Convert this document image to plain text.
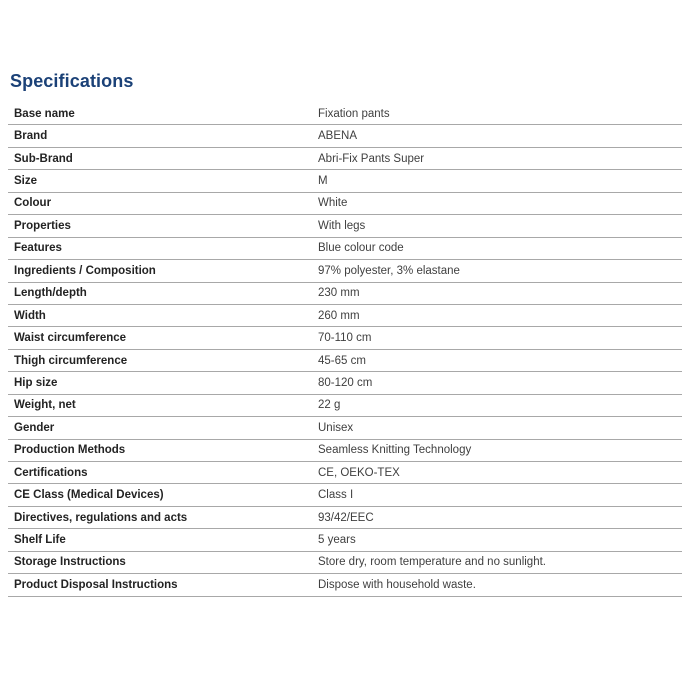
Specifications
Base name	Fixation pants
Brand	ABENA
Sub-Brand	Abri-Fix Pants Super
Size	M
Colour	White
Properties	With legs
Features	Blue colour code
Ingredients / Composition	97% polyester, 3% elastane
Length/depth	230 mm
Width	260 mm
Waist circumference	70-110 cm
Thigh circumference	45-65 cm
Hip size	80-120 cm
Weight, net	22 g
Gender	Unisex
Production Methods	Seamless Knitting Technology
Certifications	CE, OEKO-TEX
CE Class (Medical Devices)	Class I
Directives, regulations and acts	93/42/EEC
Shelf Life	5 years
Storage Instructions	Store dry, room temperature and no sunlight.
Product Disposal Instructions	Dispose with household waste.
